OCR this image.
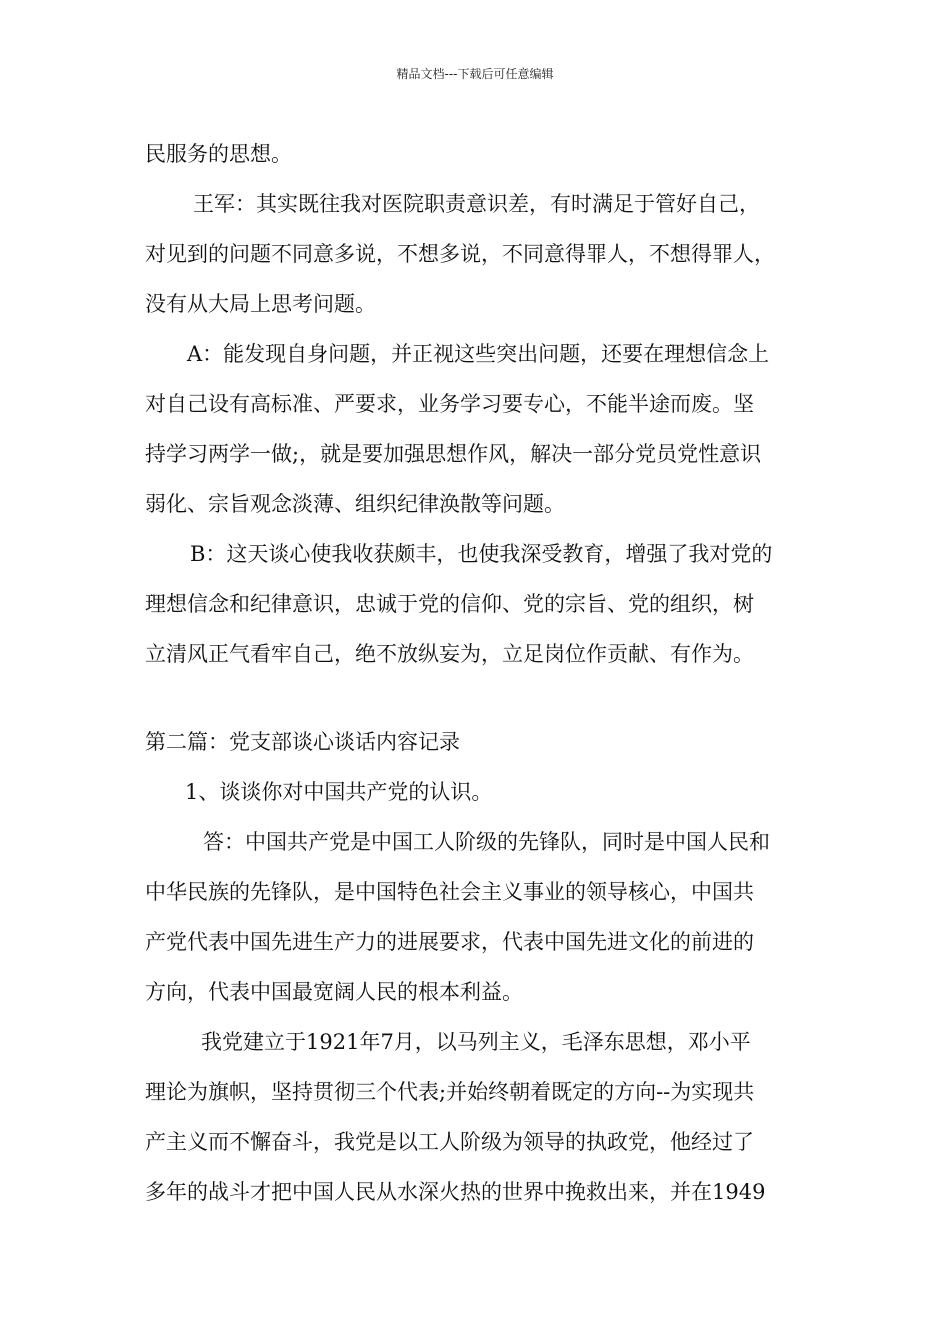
精品文档---下载后可任意编辑
民服务的思想。
王军：其实既往我对医院职责意识差，有时满足于管好自己，
对见到的问题不同意多说，不想多说，不同意得罪人，不想得罪人，
没有从大局上思考问题。
A：能发现自身问题，并正视这些突出问题，还要在理想信念上
对自己设有高标准、严要求，业务学习要专心，不能半途而废。坚
持学习两学一做;，就是要加强思想作风，解决一部分党员党性意识
弱化、宗旨观念淡薄、组织纪律涣散等问题。
B：这天谈心使我收获颇丰，也使我深受教育，增强了我对党的
理想信念和纪律意识，忠诚于党的信仰、党的宗旨、党的组织，树
立清风正气看牢自己，绝不放纵妄为，立足岗位作贡献、有作为。
第二篇：党支部谈心谈话内容记录
1、谈谈你对中国共产党的认识。
答：中国共产党是中国工人阶级的先锋队，同时是中国人民和
中华民族的先锋队，是中国特色社会主义事业的领导核心，中国共
产党代表中国先进生产力的进展要求，代表中国先进文化的前进的
方向，代表中国最宽阔人民的根本利益。
我党建立于1921年7月，以马列主义，毛泽东思想，邓小平
理论为旗帜，坚持贯彻三个代表;并始终朝着既定的方向--为实现共
产主义而不懈奋斗，我党是以工人阶级为领导的执政党，他经过了
多年的战斗才把中国人民从水深火热的世界中挽救出来，并在1949
